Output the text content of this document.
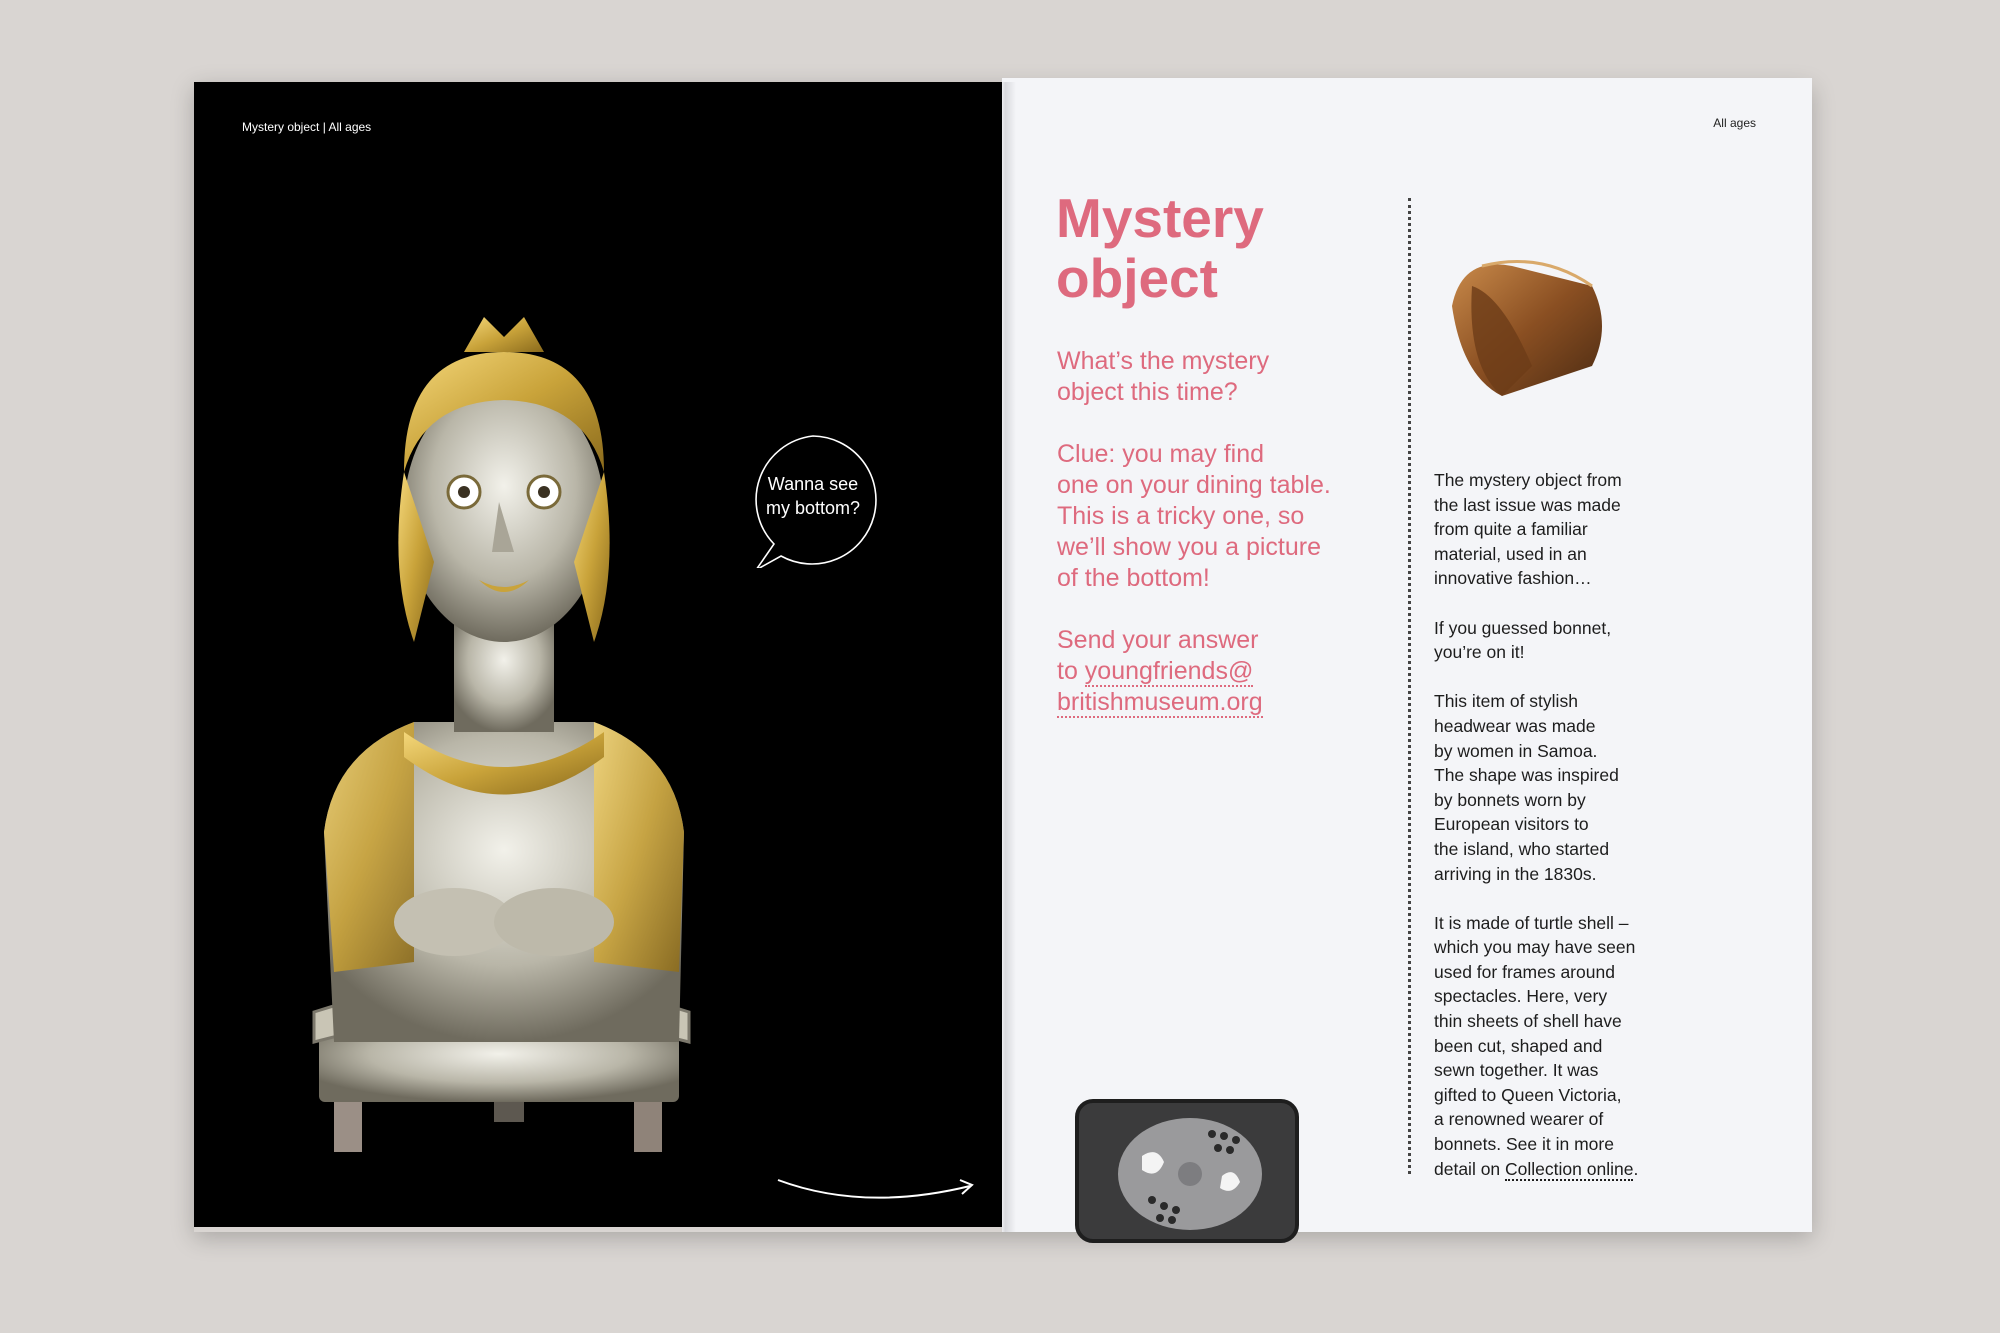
Mystery object | All ages
Wanna see
my bottom?
All ages
Mystery
object

What’s the mystery
object this time?

Clue: you may find
one on your dining table.
This is a tricky one, so
we’ll show you a picture
of the bottom!

Send your answer
to youngfriends@
britishmuseum.org

The mystery object from
the last issue was made
from quite a familiar
material, used in an
innovative fashion…

If you guessed bonnet,
you’re on it!

This item of stylish
headwear was made
by women in Samoa.
The shape was inspired
by bonnets worn by
European visitors to
the island, who started
arriving in the 1830s.

It is made of turtle shell –
which you may have seen
used for frames around
spectacles. Here, very
thin sheets of shell have
been cut, shaped and
sewn together. It was
gifted to Queen Victoria,
a renowned wearer of
bonnets. See it in more
detail on Collection online.
